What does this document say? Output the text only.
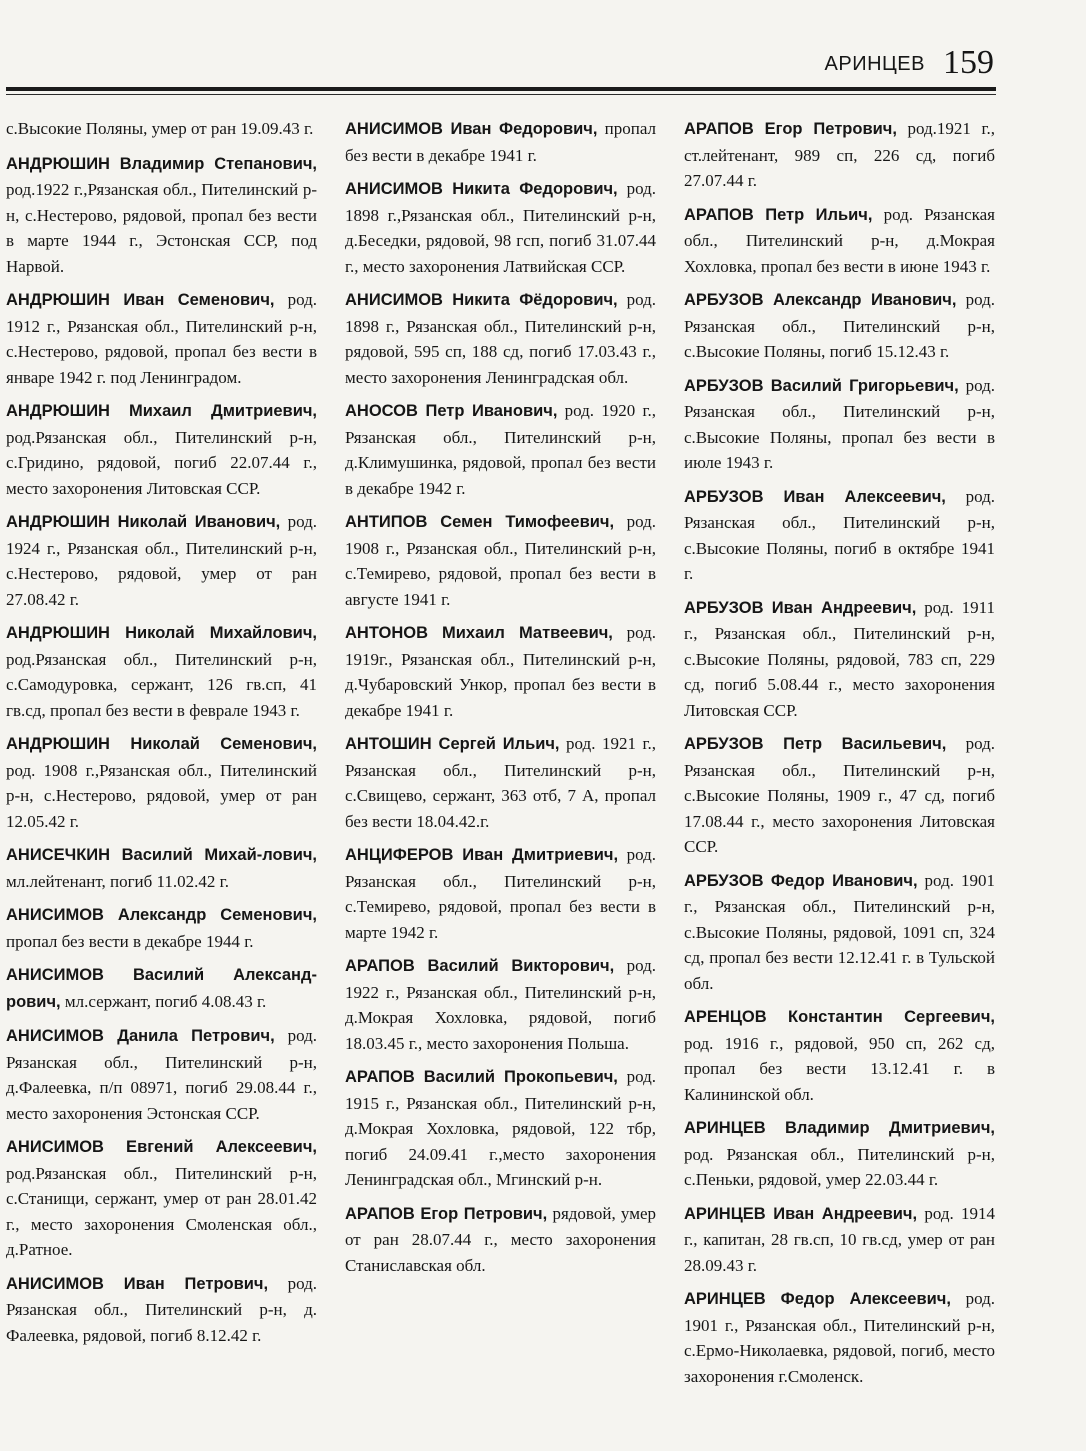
АРИНЦЕВ 159

с.Высокие Поляны, умер от ран 19.09.43 г.

АНДРЮШИН Владимир Степанович, род.1922 г.,Рязанская обл., Пителинский р-н, с.Нестерово, рядовой, пропал без вести в марте 1944 г., Эстонская ССР, под Нарвой.

АНДРЮШИН Иван Семенович, род. 1912 г., Рязанская обл., Пителинский р-н, с.Нестерово, рядовой, пропал без вести в январе 1942 г. под Ленинградом.

АНДРЮШИН Михаил Дмитриевич, род.Рязанская обл., Пителинский р-н, с.Гридино, рядовой, погиб 22.07.44 г., место захоронения Литовская ССР.

АНДРЮШИН Николай Иванович, род. 1924 г., Рязанская обл., Пителинский р-н, с.Нестерово, рядовой, умер от ран 27.08.42 г.

АНДРЮШИН Николай Михайлович, род.Рязанская обл., Пителинский р-н, с.Самодуровка, сержант, 126 гв.сп, 41 гв.сд, пропал без вести в феврале 1943 г.

АНДРЮШИН Николай Семенович, род. 1908 г.,Рязанская обл., Пителинский р-н, с.Нестерово, рядовой, умер от ран 12.05.42 г.

АНИСЕЧКИН Василий Михай-лович, мл.лейтенант, погиб 11.02.42 г.

АНИСИМОВ Александр Семенович, пропал без вести в декабре 1944 г.

АНИСИМОВ Василий Александ-рович, мл.сержант, погиб 4.08.43 г.

АНИСИМОВ Данила Петрович, род. Рязанская обл., Пителинский р-н, д.Фалеевка, п/п 08971, погиб 29.08.44 г., место захоронения Эстонская ССР.

АНИСИМОВ Евгений Алексеевич, род.Рязанская обл., Пителинский р-н, с.Станищи, сержант, умер от ран 28.01.42 г., место захоронения Смоленская обл., д.Ратное.

АНИСИМОВ Иван Петрович, род. Рязанская обл., Пителинский р-н, д. Фалеевка, рядовой, погиб 8.12.42 г.

АНИСИМОВ Иван Федорович, пропал без вести в декабре 1941 г.

АНИСИМОВ Никита Федорович, род. 1898 г.,Рязанская обл., Пителинский р-н, д.Беседки, рядовой, 98 гсп, погиб 31.07.44 г., место захоронения Латвийская ССР.

АНИСИМОВ Никита Фёдорович, род. 1898 г., Рязанская обл., Пителинский р-н, рядовой, 595 сп, 188 сд, погиб 17.03.43 г., место захоронения Ленинградская обл.

АНОСОВ Петр Иванович, род. 1920 г., Рязанская обл., Пителинский р-н, д.Климушинка, рядовой, пропал без вести в декабре 1942 г.

АНТИПОВ Семен Тимофеевич, род. 1908 г., Рязанская обл., Пителинский р-н, с.Темирево, рядовой, пропал без вести в августе 1941 г.

АНТОНОВ Михаил Матвеевич, род. 1919г., Рязанская обл., Пителинский р-н, д.Чубаровский Ункор, пропал без вести в декабре 1941 г.

АНТОШИН Сергей Ильич, род. 1921 г., Рязанская обл., Пителинский р-н, с.Свищево, сержант, 363 отб, 7 А, пропал без вести 18.04.42.г.

АНЦИФЕРОВ Иван Дмитриевич, род. Рязанская обл., Пителинский р-н, с.Темирево, рядовой, пропал без вести в марте 1942 г.

АРАПОВ Василий Викторович, род. 1922 г., Рязанская обл., Пителинский р-н, д.Мокрая Хохловка, рядовой, погиб 18.03.45 г., место захоронения Польша.

АРАПОВ Василий Прокопьевич, род. 1915 г., Рязанская обл., Пителинский р-н, д.Мокрая Хохловка, рядовой, 122 тбр, погиб 24.09.41 г.,место захоронения Ленинградская обл., Мгинский р-н.

АРАПОВ Егор Петрович, рядовой, умер от ран 28.07.44 г., место захоронения Станиславская обл.

АРАПОВ Егор Петрович, род.1921 г., ст.лейтенант, 989 сп, 226 сд, погиб 27.07.44 г.

АРАПОВ Петр Ильич, род. Рязанская обл., Пителинский р-н, д.Мокрая Хохловка, пропал без вести в июне 1943 г.

АРБУЗОВ Александр Иванович, род. Рязанская обл., Пителинский р-н, с.Высокие Поляны, погиб 15.12.43 г.

АРБУЗОВ Василий Григорьевич, род. Рязанская обл., Пителинский р-н, с.Высокие Поляны, пропал без вести в июле 1943 г.

АРБУЗОВ Иван Алексеевич, род. Рязанская обл., Пителинский р-н, с.Высокие Поляны, погиб в октябре 1941 г.

АРБУЗОВ Иван Андреевич, род. 1911 г., Рязанская обл., Пителинский р-н, с.Высокие Поляны, рядовой, 783 сп, 229 сд, погиб 5.08.44 г., место захоронения Литовская ССР.

АРБУЗОВ Петр Васильевич, род. Рязанская обл., Пителинский р-н, с.Высокие Поляны, 1909 г., 47 сд, погиб 17.08.44 г., место захоронения Литовская ССР.

АРБУЗОВ Федор Иванович, род. 1901 г., Рязанская обл., Пителинский р-н, с.Высокие Поляны, рядовой, 1091 сп, 324 сд, пропал без вести 12.12.41 г. в Тульской обл.

АРЕНЦОВ Константин Сергеевич, род. 1916 г., рядовой, 950 сп, 262 сд, пропал без вести 13.12.41 г. в Калининской обл.

АРИНЦЕВ Владимир Дмитриевич, род. Рязанская обл., Пителинский р-н, с.Пеньки, рядовой, умер 22.03.44 г.

АРИНЦЕВ Иван Андреевич, род. 1914 г., капитан, 28 гв.сп, 10 гв.сд, умер от ран 28.09.43 г.

АРИНЦЕВ Федор Алексеевич, род. 1901 г., Рязанская обл., Пителинский р-н, с.Ермо-Николаевка, рядовой, погиб, место захоронения г.Смоленск.
